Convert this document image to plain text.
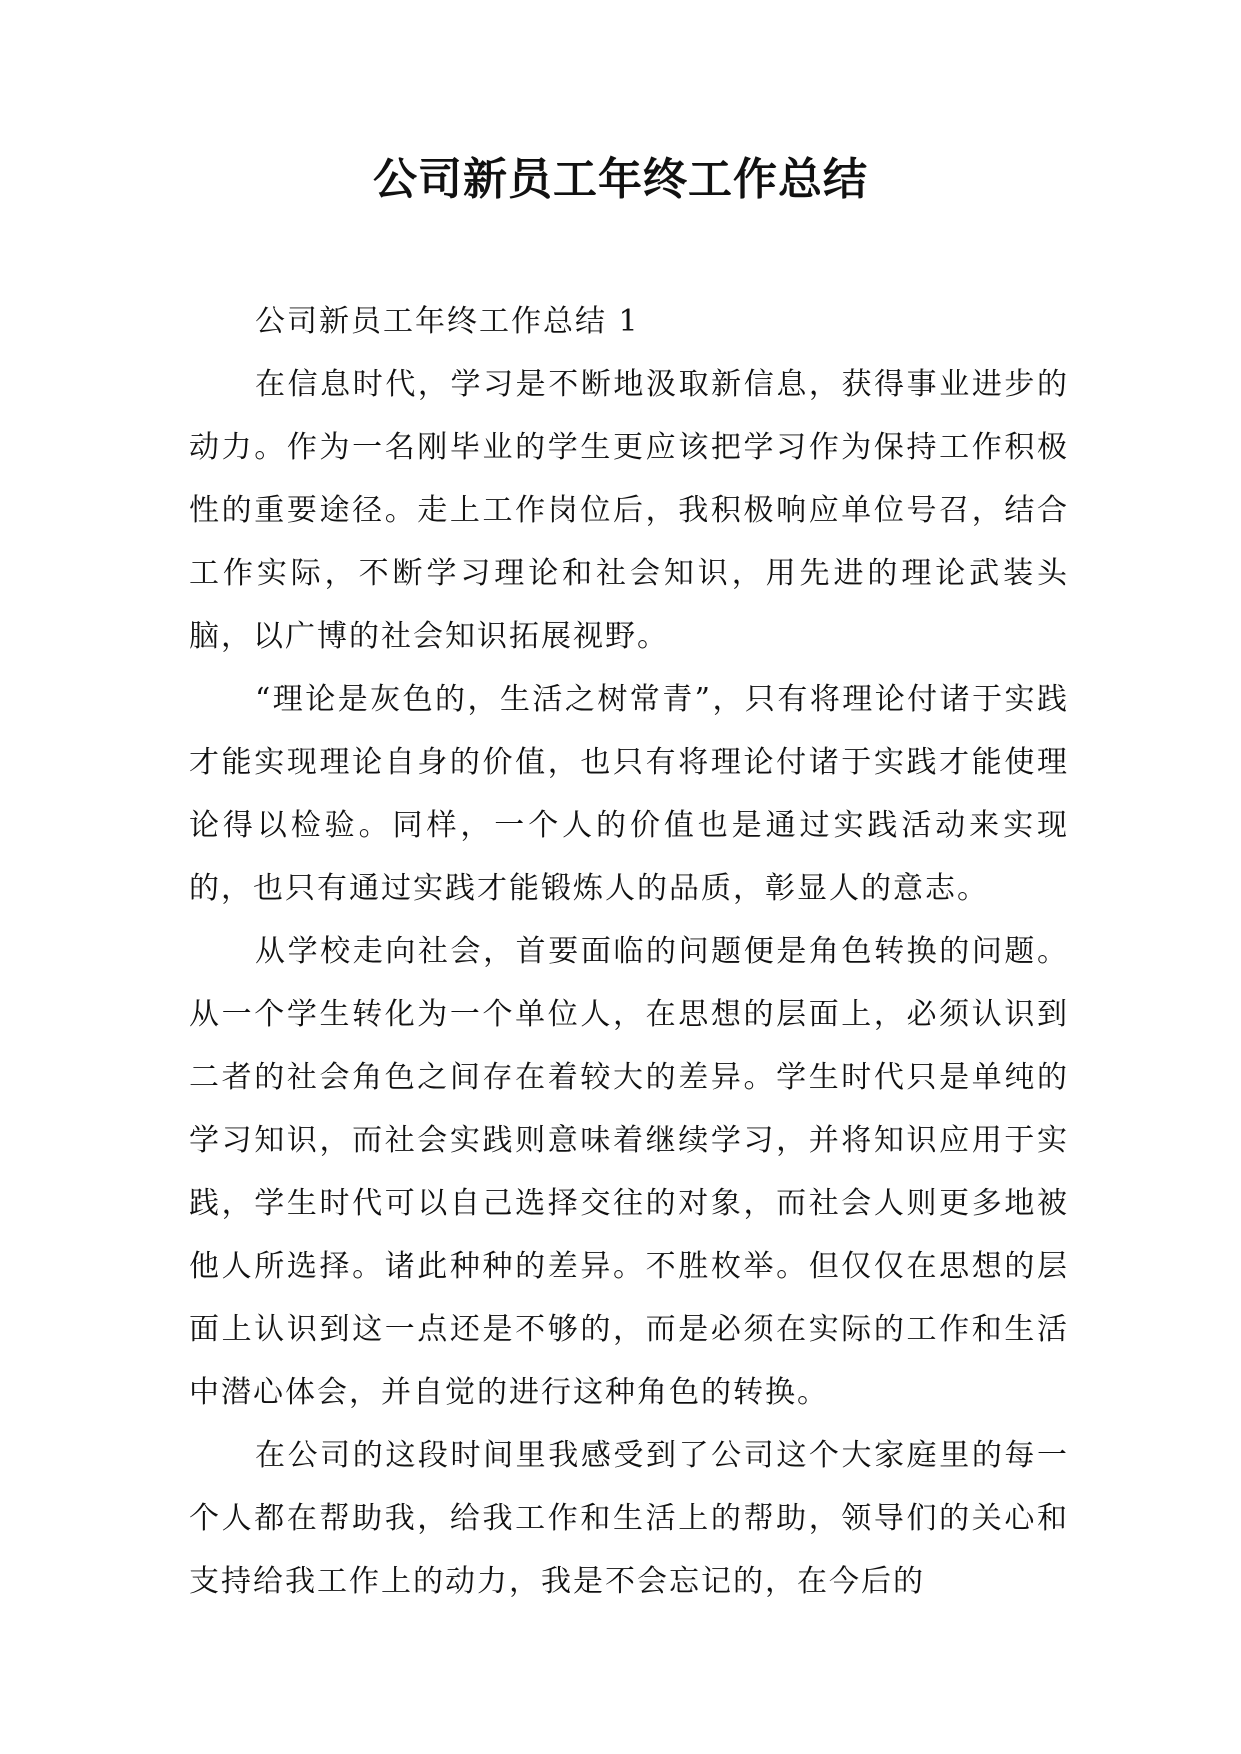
公司新员工年终工作总结

公司新员工年终工作总结 1

在信息时代，学习是不断地汲取新信息，获得事业进步的动力。作为一名刚毕业的学生更应该把学习作为保持工作积极性的重要途径。走上工作岗位后，我积极响应单位号召，结合工作实际，不断学习理论和社会知识，用先进的理论武装头脑，以广博的社会知识拓展视野。

“理论是灰色的，生活之树常青”，只有将理论付诸于实践才能实现理论自身的价值，也只有将理论付诸于实践才能使理论得以检验。同样，一个人的价值也是通过实践活动来实现的，也只有通过实践才能锻炼人的品质，彰显人的意志。

从学校走向社会，首要面临的问题便是角色转换的问题。从一个学生转化为一个单位人，在思想的层面上，必须认识到二者的社会角色之间存在着较大的差异。学生时代只是单纯的学习知识，而社会实践则意味着继续学习，并将知识应用于实践，学生时代可以自己选择交往的对象，而社会人则更多地被他人所选择。诸此种种的差异。不胜枚举。但仅仅在思想的层面上认识到这一点还是不够的，而是必须在实际的工作和生活中潜心体会，并自觉的进行这种角色的转换。

在公司的这段时间里我感受到了公司这个大家庭里的每一个人都在帮助我，给我工作和生活上的帮助，领导们的关心和支持给我工作上的动力，我是不会忘记的，在今后的
